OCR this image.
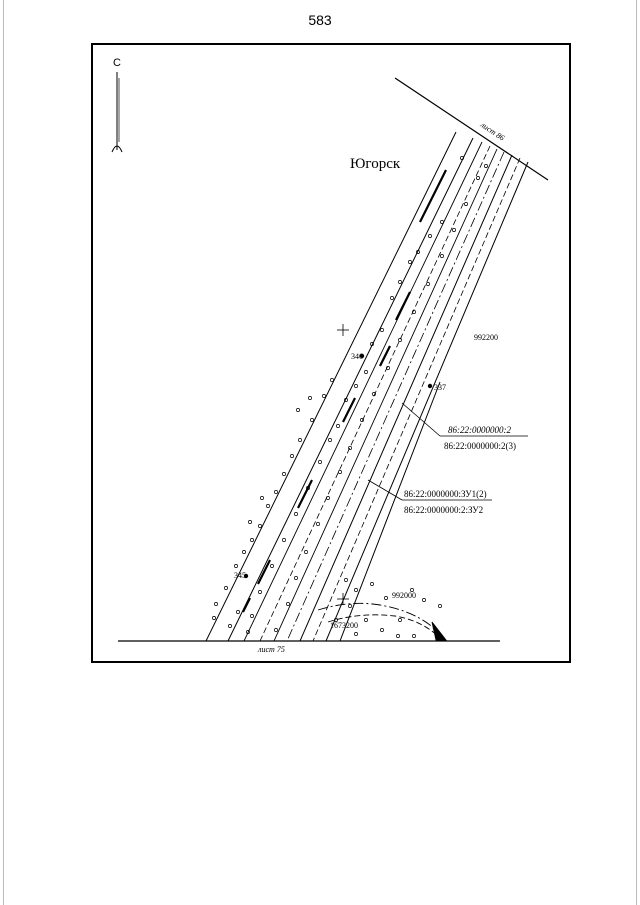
583
С
лист 86
Югорск
346
337
345
992200
992000
1673200
86:22:0000000:2
86:22:0000000:2(3)
86:22:0000000:ЗУ1(2)
86:22:0000000:2:ЗУ2
лист 75
